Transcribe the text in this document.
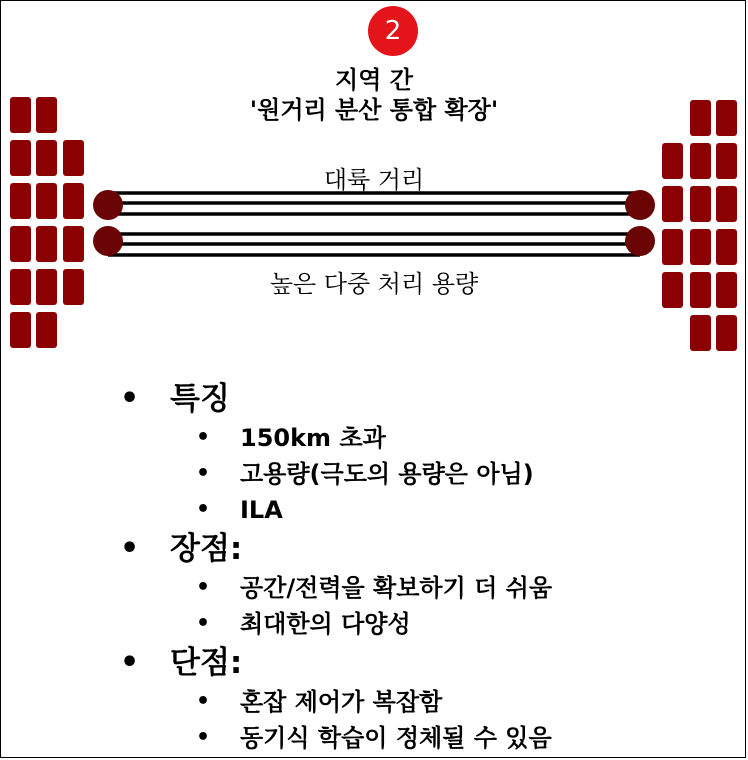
2
지역 간
'원거리 분산 통합 확장'
대륙 거리
높은 다중 처리 용량
• 특징
• 150km 초과
• 고용량(극도의 용량은 아님)
• ILA
• 장점:
• 공간/전력을 확보하기 더 쉬움
• 최대한의 다양성
• 단점:
• 혼잡 제어가 복잡함
• 동기식 학습이 정체될 수 있음
